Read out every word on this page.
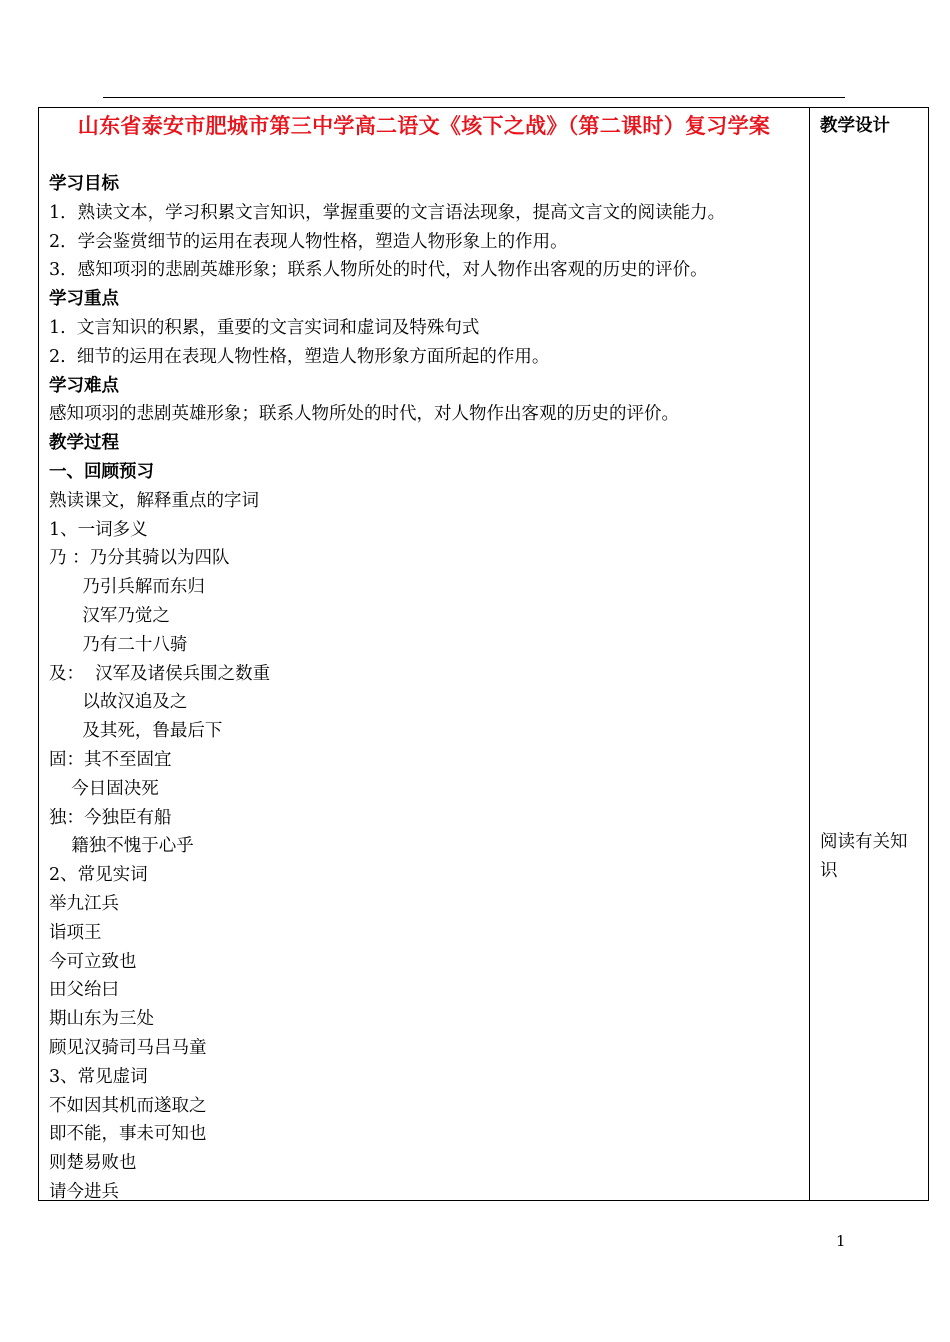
山东省泰安市肥城市第三中学高二语文《垓下之战》（第二课时）复习学案
学习目标
1．熟读文本，学习积累文言知识，掌握重要的文言语法现象，提高文言文的阅读能力。
2．学会鉴赏细节的运用在表现人物性格，塑造人物形象上的作用。
3．感知项羽的悲剧英雄形象；联系人物所处的时代，对人物作出客观的历史的评价。
学习重点
1.  文言知识的积累，重要的文言实词和虚词及特殊句式
2.  细节的运用在表现人物性格，塑造人物形象方面所起的作用。
学习难点
感知项羽的悲剧英雄形象；联系人物所处的时代，对人物作出客观的历史的评价。
教学过程
一、回顾预习
熟读课文，解释重点的字词
1、一词多义
乃 ：乃分其骑以为四队
乃引兵解而东归
汉军乃觉之
乃有二十八骑
及：  汉军及诸侯兵围之数重
以故汉追及之
及其死，鲁最后下
固：其不至固宜
今日固决死
独：今独臣有船
籍独不愧于心乎
2、常见实词
举九江兵
诣项王
今可立致也
田父绐曰
期山东为三处
顾见汉骑司马吕马童
3、常见虚词
不如因其机而遂取之
即不能，事未可知也
则楚易败也
请今进兵
教学设计
阅读有关知识
1
